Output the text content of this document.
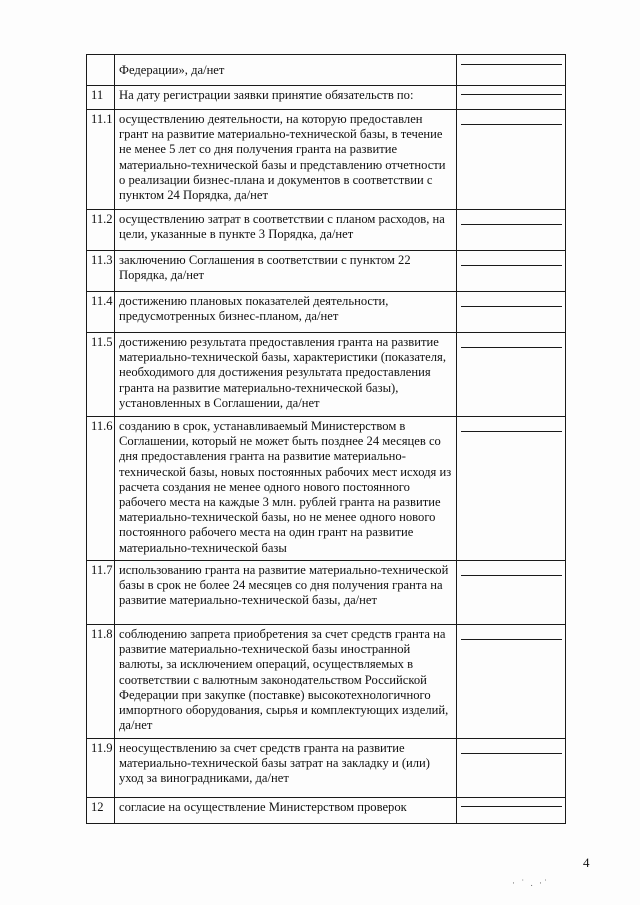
	Федерации», да/нет	

11	На дату регистрации заявки принятие обязательств по:	

11.1	осуществлению деятельности, на которую предоставлен грант на развитие материально-технической базы, в течение не менее 5 лет со дня получения гранта на развитие материально-технической базы и представлению отчетности о реализации бизнес-плана и документов в соответствии с пунктом 24 Порядка, да/нет	

11.2	осуществлению затрат в соответствии с планом расходов, на цели, указанные в пункте 3 Порядка, да/нет	

11.3	заключению Соглашения в соответствии с пунктом 22 Порядка, да/нет	

11.4	достижению плановых показателей деятельности, предусмотренных бизнес-планом, да/нет	

11.5	достижению результата предоставления гранта на развитие материально-технической базы, характеристики (показателя, необходимого для достижения результата предоставления гранта на развитие материально-технической базы), установленных в Соглашении, да/нет	

11.6	созданию в срок, устанавливаемый Министерством в Соглашении, который не может быть позднее 24 месяцев со дня предоставления гранта на развитие материально-технической базы, новых постоянных рабочих мест исходя из расчета создания не менее одного нового постоянного рабочего места на каждые 3 млн. рублей гранта на развитие материально-технической базы, но не менее одного нового постоянного рабочего места на один грант на развитие материально-технической базы	

11.7	использованию гранта на развитие материально-технической базы в срок не более 24 месяцев со дня получения гранта на развитие материально-технической базы, да/нет	

11.8	соблюдению запрета приобретения за счет средств гранта на развитие материально-технической базы иностранной валюты, за исключением операций, осуществляемых в соответствии с валютным законодательством Российской Федерации при закупке (поставке) высокотехнологичного импортного оборудования, сырья и комплектующих изделий, да/нет	

11.9	неосуществлению за счет средств гранта на развитие материально-технической базы затрат на закладку и (или) уход за виноградниками, да/нет	

12	согласие на осуществление Министерством проверок	
4
· ˙ . ·˙
